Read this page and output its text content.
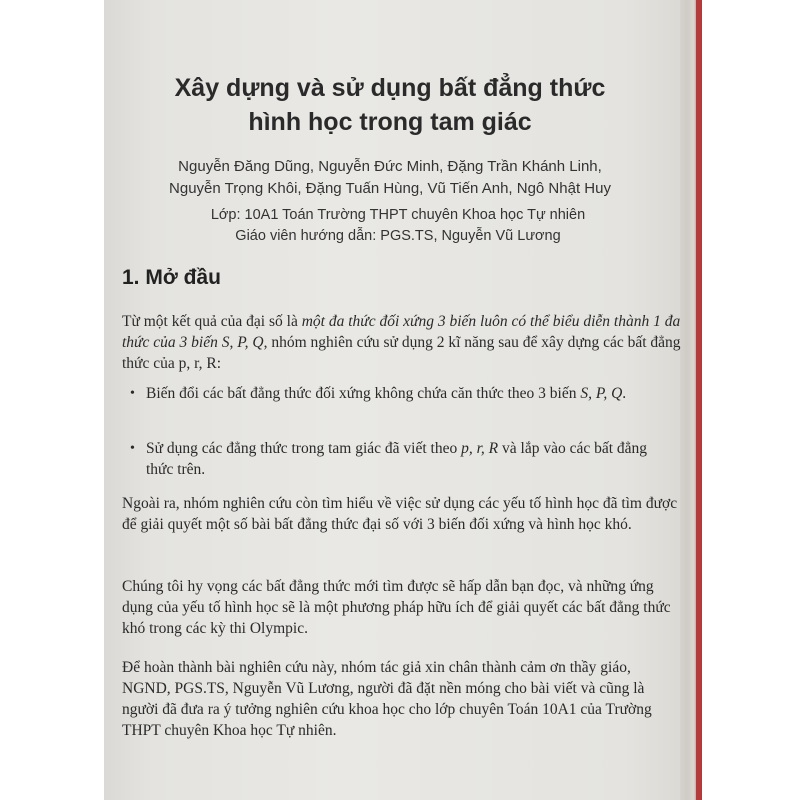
Xây dựng và sử dụng bất đẳng thức
hình học trong tam giác
Nguyễn Đăng Dũng, Nguyễn Đức Minh, Đặng Trần Khánh Linh,
Nguyễn Trọng Khôi, Đặng Tuấn Hùng, Vũ Tiến Anh, Ngô Nhật Huy
Lớp: 10A1 Toán Trường THPT chuyên Khoa học Tự nhiên
Giáo viên hướng dẫn: PGS.TS, Nguyễn Vũ Lương
1. Mở đầu

Từ một kết quả của đại số là một đa thức đối xứng 3 biến luôn có thể biểu diễn thành 1 đa thức của 3 biến S, P, Q, nhóm nghiên cứu sử dụng 2 kĩ năng sau để xây dựng các bất đẳng thức của p, r, R:

• Biến đổi các bất đẳng thức đối xứng không chứa căn thức theo 3 biến S, P, Q.

• Sử dụng các đẳng thức trong tam giác đã viết theo p, r, R và lắp vào các bất đẳng thức trên.

Ngoài ra, nhóm nghiên cứu còn tìm hiểu về việc sử dụng các yếu tố hình học đã tìm được để giải quyết một số bài bất đẳng thức đại số với 3 biến đối xứng và hình học khó.

Chúng tôi hy vọng các bất đẳng thức mới tìm được sẽ hấp dẫn bạn đọc, và những ứng dụng của yếu tố hình học sẽ là một phương pháp hữu ích để giải quyết các bất đẳng thức khó trong các kỳ thi Olympic.

Để hoàn thành bài nghiên cứu này, nhóm tác giả xin chân thành cảm ơn thầy giáo, NGND, PGS.TS, Nguyễn Vũ Lương, người đã đặt nền móng cho bài viết và cũng là người đã đưa ra ý tưởng nghiên cứu khoa học cho lớp chuyên Toán 10A1 của Trường THPT chuyên Khoa học Tự nhiên.
